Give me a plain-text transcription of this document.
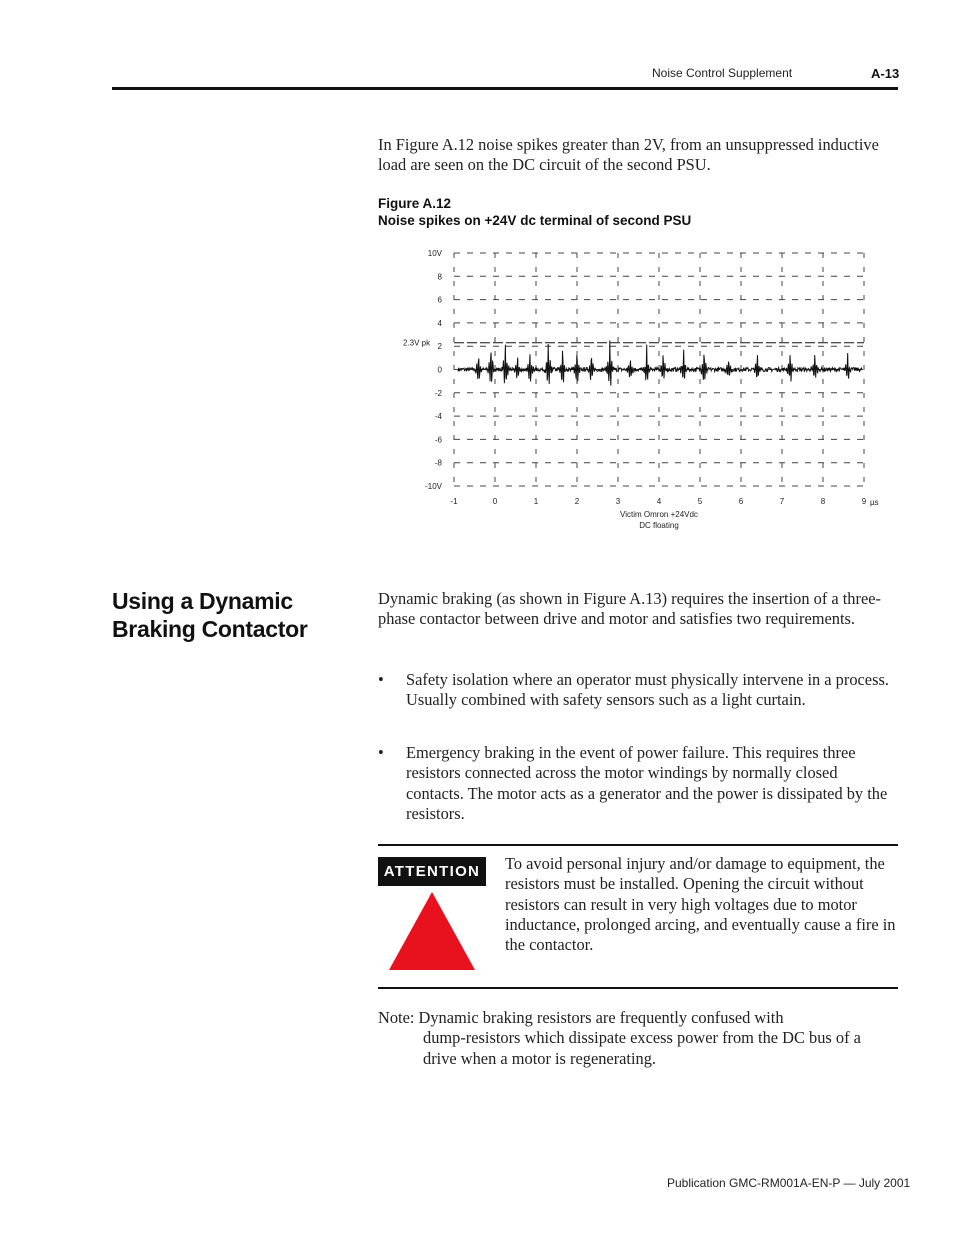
Noise Control Supplement	A-13
In Figure A.12 noise spikes greater than 2V, from an unsuppressed inductive load are seen on the DC circuit of the second PSU.
Figure A.12
Noise spikes on +24V dc terminal of second PSU
10V
8
6
4
2
0
-2
-4
-6
-8
-10V
-1	0	1	2	3	4	5	6	7	8	9
2.3V pk
µs
Victim Omron +24Vdc
DC floating
Using a Dynamic Braking Contactor
Dynamic braking (as shown in Figure A.13) requires the insertion of a three-phase contactor between drive and motor and satisfies two requirements.
• Safety isolation where an operator must physically intervene in a process. Usually combined with safety sensors such as a light curtain.
• Emergency braking in the event of power failure. This requires three resistors connected across the motor windings by normally closed contacts. The motor acts as a generator and the power is dissipated by the resistors.
ATTENTION	To avoid personal injury and/or damage to equipment, the resistors must be installed. Opening the circuit without resistors can result in very high voltages due to motor inductance, prolonged arcing, and eventually cause a fire in the contactor.
Note: Dynamic braking resistors are frequently confused with
dump-resistors which dissipate excess power from the DC bus of a drive when a motor is regenerating.
Publication GMC-RM001A-EN-P — July 2001
